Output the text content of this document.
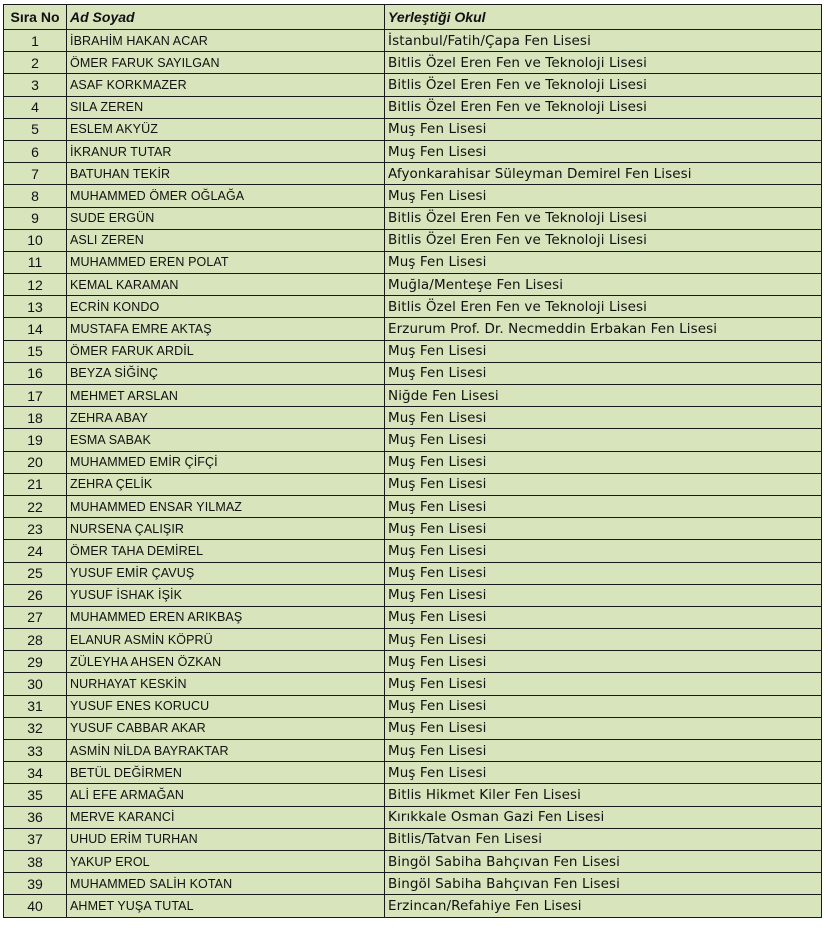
Sıra No	Ad Soyad	Yerleştiği Okul
1	İBRAHİM HAKAN ACAR	İstanbul/Fatih/Çapa Fen Lisesi
2	ÖMER FARUK SAYILGAN	Bitlis Özel Eren Fen ve Teknoloji Lisesi
3	ASAF KORKMAZER	Bitlis Özel Eren Fen ve Teknoloji Lisesi
4	SILA ZEREN	Bitlis Özel Eren Fen ve Teknoloji Lisesi
5	ESLEM AKYÜZ	Muş Fen Lisesi
6	İKRANUR TUTAR	Muş Fen Lisesi
7	BATUHAN TEKİR	Afyonkarahisar Süleyman Demirel Fen Lisesi
8	MUHAMMED ÖMER OĞLAĞA	Muş Fen Lisesi
9	SUDE ERGÜN	Bitlis Özel Eren Fen ve Teknoloji Lisesi
10	ASLI ZEREN	Bitlis Özel Eren Fen ve Teknoloji Lisesi
11	MUHAMMED EREN POLAT	Muş Fen Lisesi
12	KEMAL KARAMAN	Muğla/Menteşe Fen Lisesi
13	ECRİN KONDO	Bitlis Özel Eren Fen ve Teknoloji Lisesi
14	MUSTAFA EMRE AKTAŞ	Erzurum Prof. Dr. Necmeddin Erbakan Fen Lisesi
15	ÖMER FARUK ARDİL	Muş Fen Lisesi
16	BEYZA SİĞİNÇ	Muş Fen Lisesi
17	MEHMET ARSLAN	Niğde Fen Lisesi
18	ZEHRA ABAY	Muş Fen Lisesi
19	ESMA SABAK	Muş Fen Lisesi
20	MUHAMMED EMİR ÇİFÇİ	Muş Fen Lisesi
21	ZEHRA ÇELİK	Muş Fen Lisesi
22	MUHAMMED ENSAR YILMAZ	Muş Fen Lisesi
23	NURSENA ÇALIŞIR	Muş Fen Lisesi
24	ÖMER TAHA DEMİREL	Muş Fen Lisesi
25	YUSUF EMİR ÇAVUŞ	Muş Fen Lisesi
26	YUSUF İSHAK İŞİK	Muş Fen Lisesi
27	MUHAMMED EREN ARIKBAŞ	Muş Fen Lisesi
28	ELANUR ASMİN KÖPRÜ	Muş Fen Lisesi
29	ZÜLEYHA AHSEN ÖZKAN	Muş Fen Lisesi
30	NURHAYAT KESKİN	Muş Fen Lisesi
31	YUSUF ENES KORUCU	Muş Fen Lisesi
32	YUSUF CABBAR AKAR	Muş Fen Lisesi
33	ASMİN NİLDA BAYRAKTAR	Muş Fen Lisesi
34	BETÜL DEĞİRMEN	Muş Fen Lisesi
35	ALİ EFE ARMAĞAN	Bitlis Hikmet Kiler Fen Lisesi
36	MERVE KARANCİ	Kırıkkale Osman Gazi Fen Lisesi
37	UHUD ERİM TURHAN	Bitlis/Tatvan Fen Lisesi
38	YAKUP EROL	Bingöl Sabiha Bahçıvan Fen Lisesi
39	MUHAMMED SALİH KOTAN	Bingöl Sabiha Bahçıvan Fen Lisesi
40	AHMET YUŞA TUTAL	Erzincan/Refahiye Fen Lisesi
